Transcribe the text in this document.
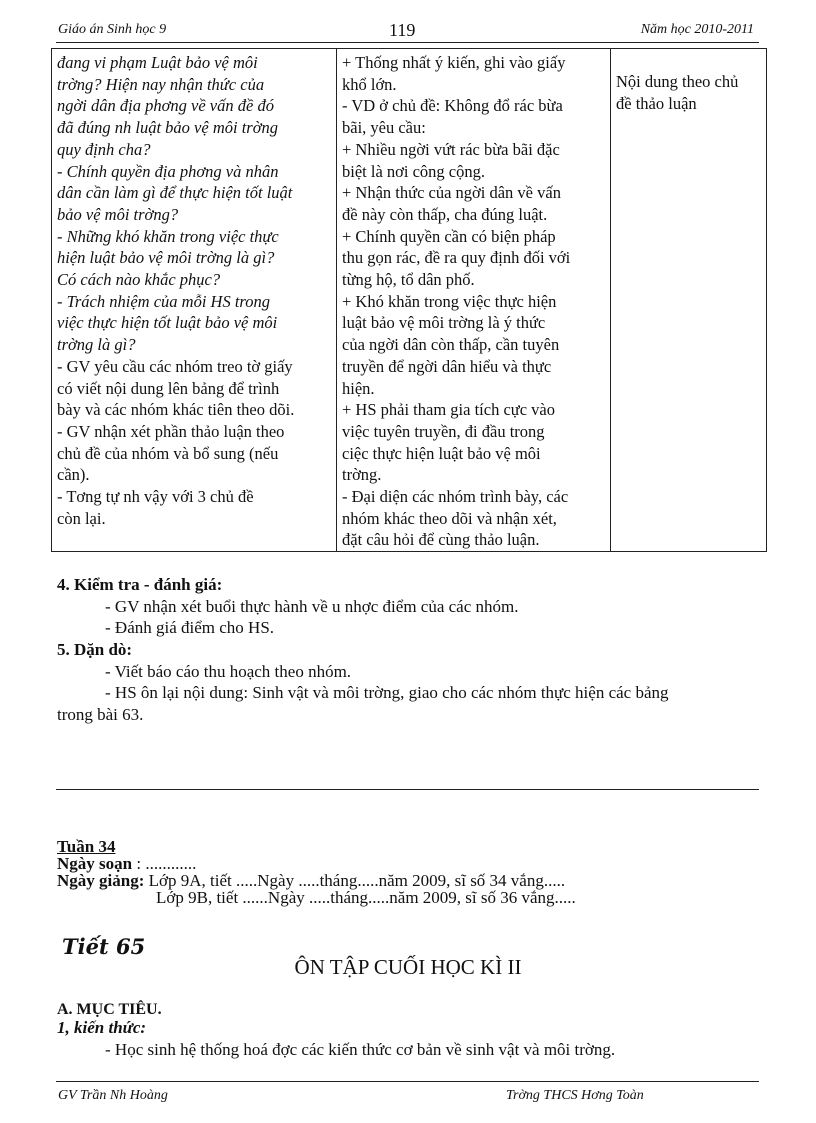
Giáo án Sinh học 9	119	Năm học 2010-2011
đang vi phạm Luật bảo vệ môi
trờng? Hiện nay nhận thức của
ngời dân địa phơng về vấn đề đó
đã đúng nh luật bảo vệ môi trờng
quy định cha?
- Chính quyền địa phơng và nhân
dân cần làm gì để thực hiện tốt luật
bảo vệ môi trờng?
- Những khó khăn trong việc thực
hiện luật bảo vệ môi trờng là gì?
Có cách nào khắc phục?
- Trách nhiệm của mỗi HS trong
việc thực hiện tốt luật bảo vệ môi
trờng là gì?
- GV yêu cầu các nhóm treo tờ giấy
có viết nội dung lên bảng để trình
bày và các nhóm khác tiên theo dõi.
- GV nhận xét phần thảo luận theo
chủ đề của nhóm và bổ sung (nếu
cần).
- Tơng tự nh vậy với 3 chủ đề
còn lại.

+ Thống nhất ý kiến, ghi vào giấy
khổ lớn.
- VD ở chủ đề: Không đổ rác bừa
bãi, yêu cầu:
+ Nhiều ngời vứt rác bừa bãi đặc
biệt là nơi công cộng.
+ Nhận thức của ngời dân về vấn
đề này còn thấp, cha đúng luật.
+ Chính quyền cần có biện pháp
thu gọn rác, đề ra quy định đối với
từng hộ, tổ dân phố.
+ Khó khăn trong việc thực hiện
luật bảo vệ môi trờng là ý thức
của ngời dân còn thấp, cần tuyên
truyền để ngời dân hiểu và thực
hiện.
+ HS phải tham gia tích cực vào
việc tuyên truyền, đi đầu trong
ciệc thực hiện luật bảo vệ môi
trờng.
- Đại diện các nhóm trình bày, các
nhóm khác theo dõi và nhận xét,
đặt câu hỏi để cùng thảo luận.

Nội dung theo chủ
đề thảo luận
4. Kiểm tra - đánh giá:
- GV nhận xét buổi thực hành về u nhợc điểm của các nhóm.
- Đánh giá điểm cho HS.
5. Dặn dò:
- Viết báo cáo thu hoạch theo nhóm.
- HS ôn lại nội dung: Sinh vật và môi trờng, giao cho các nhóm thực hiện các bảng
trong bài 63.
Tuần 34
Ngày soạn : ............
Ngày giảng: Lớp 9A, tiết .....Ngày .....tháng.....năm 2009, sĩ số 34 vắng.....
Lớp 9B, tiết ......Ngày .....tháng.....năm 2009, sĩ số 36 vắng.....
Tiết 65
ÔN TẬP CUỐI HỌC KÌ II
A. MỤC TIÊU.
1, kiến thức:
- Học sinh hệ thống hoá đợc các kiến thức cơ bản về sinh vật và môi trờng.
GV Trần Nh Hoàng	Trờng THCS Hơng Toàn
